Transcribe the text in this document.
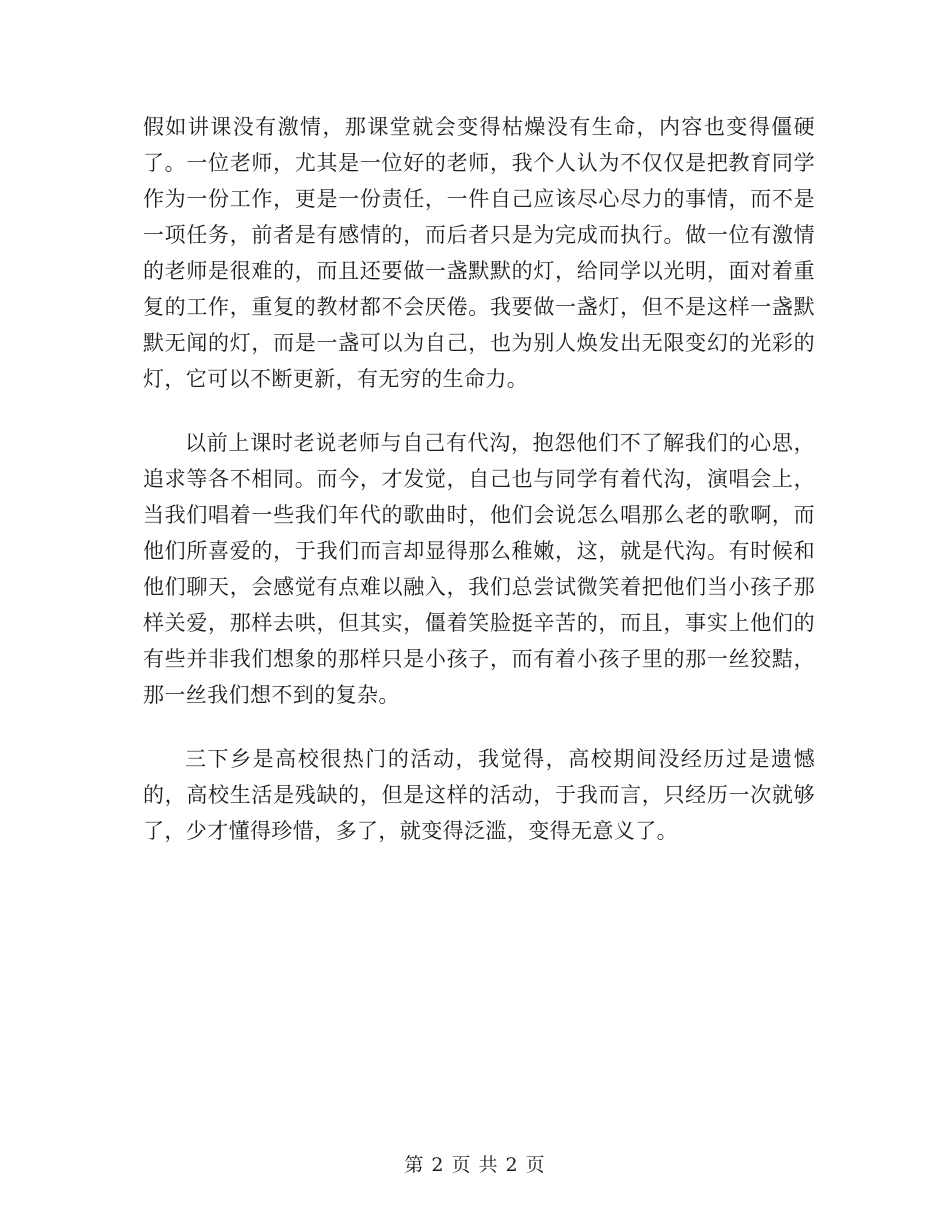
假如讲课没有激情，那课堂就会变得枯燥没有生命，内容也变得僵硬了。一位老师，尤其是一位好的老师，我个人认为不仅仅是把教育同学作为一份工作，更是一份责任，一件自己应该尽心尽力的事情，而不是一项任务，前者是有感情的，而后者只是为完成而执行。做一位有激情的老师是很难的，而且还要做一盏默默的灯，给同学以光明，面对着重复的工作，重复的教材都不会厌倦。我要做一盏灯，但不是这样一盏默默无闻的灯，而是一盏可以为自己，也为别人焕发出无限变幻的光彩的灯，它可以不断更新，有无穷的生命力。

以前上课时老说老师与自己有代沟，抱怨他们不了解我们的心思，追求等各不相同。而今，才发觉，自己也与同学有着代沟，演唱会上，当我们唱着一些我们年代的歌曲时，他们会说怎么唱那么老的歌啊，而他们所喜爱的，于我们而言却显得那么稚嫩，这，就是代沟。有时候和他们聊天，会感觉有点难以融入，我们总尝试微笑着把他们当小孩子那样关爱，那样去哄，但其实，僵着笑脸挺辛苦的，而且，事实上他们的有些并非我们想象的那样只是小孩子，而有着小孩子里的那一丝狡黠，那一丝我们想不到的复杂。

三下乡是高校很热门的活动，我觉得，高校期间没经历过是遗憾的，高校生活是残缺的，但是这样的活动，于我而言，只经历一次就够了，少才懂得珍惜，多了，就变得泛滥，变得无意义了。

第 2 页 共 2 页
